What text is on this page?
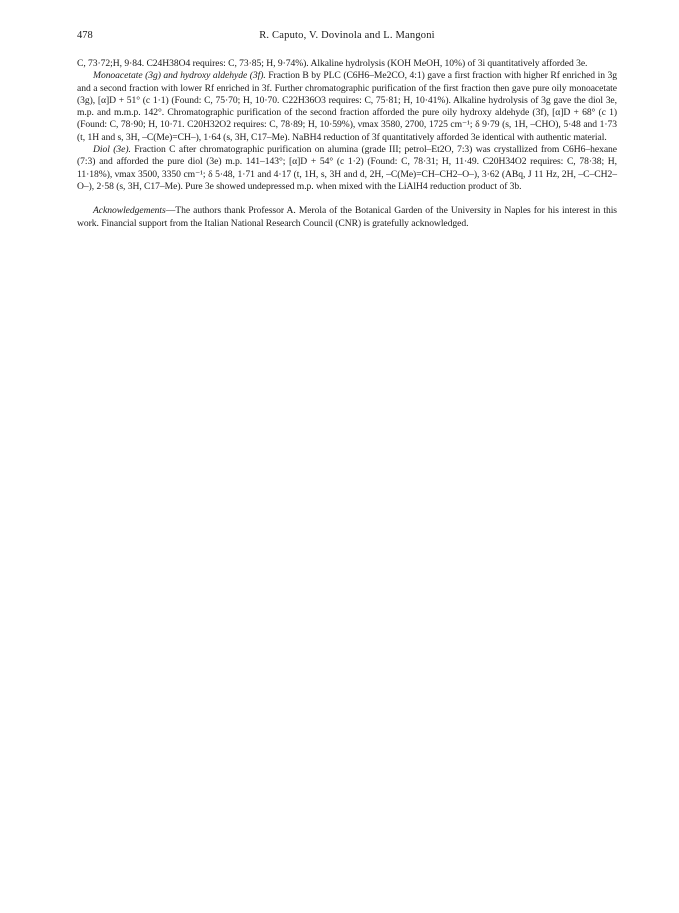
478	R. Caputo, V. Dovinola and L. Mangoni

C, 73·72;H, 9·84. C24H38O4 requires: C, 73·85; H, 9·74%). Alkaline hydrolysis (KOH MeOH, 10%) of 3i quantitatively afforded 3e.

Monoacetate (3g) and hydroxy aldehyde (3f). Fraction B by PLC (C6H6–Me2CO, 4:1) gave a first fraction with higher Rf enriched in 3g and a second fraction with lower Rf enriched in 3f. Further chromatographic purification of the first fraction then gave pure oily monoacetate (3g), [α]D + 51° (c 1·1) (Found: C, 75·70; H, 10·70. C22H36O3 requires: C, 75·81; H, 10·41%). Alkaline hydrolysis of 3g gave the diol 3e, m.p. and m.m.p. 142°. Chromatographic purification of the second fraction afforded the pure oily hydroxy aldehyde (3f), [α]D + 68° (c 1) (Found: C, 78·90; H, 10·71. C20H32O2 requires: C, 78·89; H, 10·59%), νmax 3580, 2700, 1725 cm⁻¹; δ 9·79 (s, 1H, –CHO), 5·48 and 1·73 (t, 1H and s, 3H, –C(Me)=CH–), 1·64 (s, 3H, C17–Me). NaBH4 reduction of 3f quantitatively afforded 3e identical with authentic material.

Diol (3e). Fraction C after chromatographic purification on alumina (grade III; petrol–Et2O, 7:3) was crystallized from C6H6–hexane (7:3) and afforded the pure diol (3e) m.p. 141–143°; [α]D + 54° (c 1·2) (Found: C, 78·31; H, 11·49. C20H34O2 requires: C, 78·38; H, 11·18%), νmax 3500, 3350 cm⁻¹; δ 5·48, 1·71 and 4·17 (t, 1H, s, 3H and d, 2H, –C(Me)=CH–CH2–O–), 3·62 (ABq, J 11 Hz, 2H, –C–CH2–O–), 2·58 (s, 3H, C17–Me). Pure 3e showed undepressed m.p. when mixed with the LiAlH4 reduction product of 3b.

Acknowledgements—The authors thank Professor A. Merola of the Botanical Garden of the University in Naples for his interest in this work. Financial support from the Italian National Research Council (CNR) is gratefully acknowledged.
